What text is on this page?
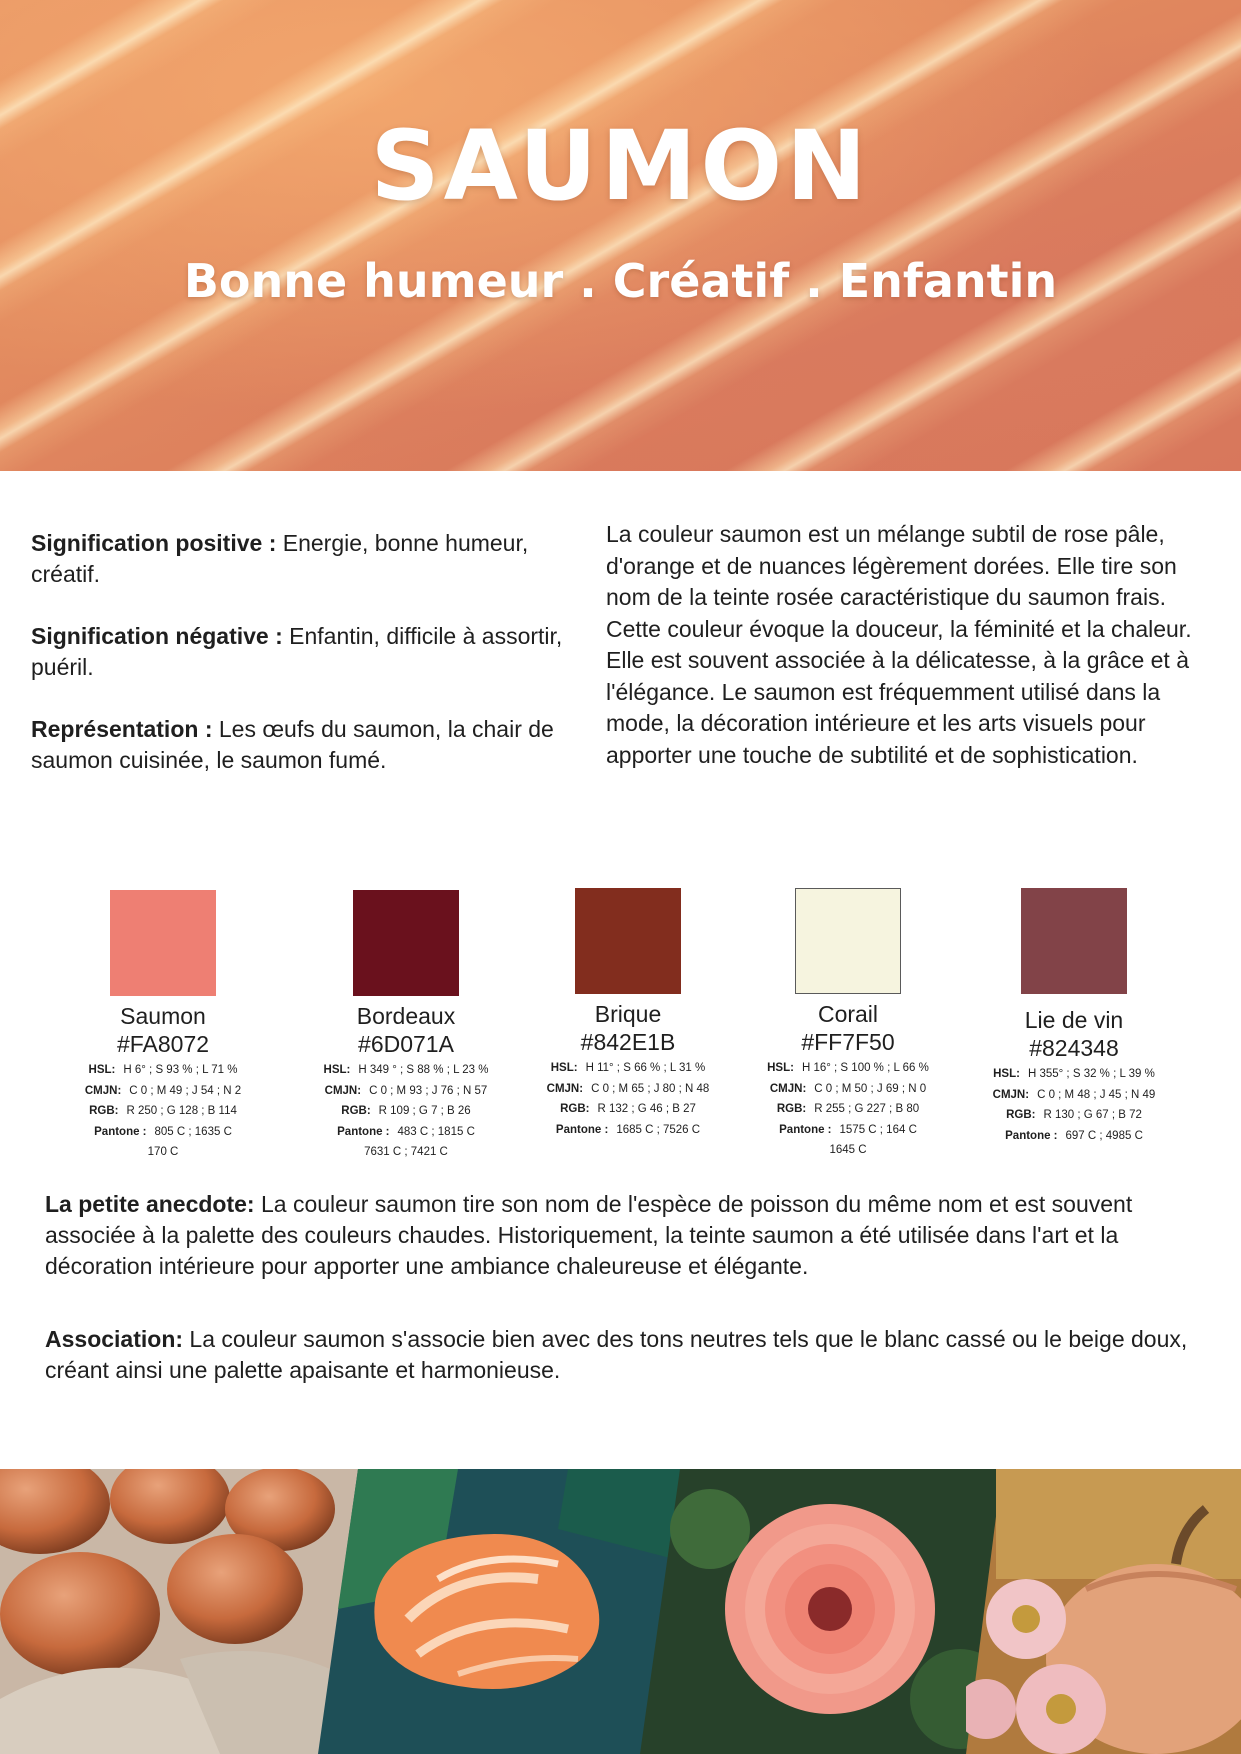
SAUMON
Bonne humeur . Créatif . Enfantin

Signification positive : Energie, bonne humeur, créatif.

Signification négative : Enfantin, difficile à assortir, puéril.

Représentation : Les œufs du saumon, la chair de saumon cuisinée, le saumon fumé.

La couleur saumon est un mélange subtil de rose pâle, d'orange et de nuances légèrement dorées. Elle tire son nom de la teinte rosée caractéristique du saumon frais. Cette couleur évoque la douceur, la féminité et la chaleur. Elle est souvent associée à la délicatesse, à la grâce et à l'élégance. Le saumon est fréquemment utilisé dans la mode, la décoration intérieure et les arts visuels pour apporter une touche de subtilité et de sophistication.

Saumon
#FA8072
HSL: H 6° ; S 93 % ; L 71 %
CMJN: C 0 ; M 49 ; J 54 ; N 2
RGB: R 250 ; G 128 ; B 114
Pantone : 805 C ; 1635 C 170 C
Bordeaux
#6D071A
HSL: H 349 ° ; S 88 % ; L 23 %
CMJN: C 0 ; M 93 ; J 76 ; N 57
RGB: R 109 ; G 7 ; B 26
Pantone : 483 C ; 1815 C 7631 C ; 7421 C
Brique
#842E1B
HSL: H 11° ; S 66 % ; L 31 %
CMJN: C 0 ; M 65 ; J 80 ; N 48
RGB: R 132 ; G 46 ; B 27
Pantone : 1685 C ; 7526 C
Corail
#FF7F50
HSL: H 16° ; S 100 % ; L 66 %
CMJN: C 0 ; M 50 ; J 69 ; N 0
RGB: R 255 ; G 227 ; B 80
Pantone : 1575 C ; 164 C 1645 C
Lie de vin
#824348
HSL: H 355° ; S 32 % ; L 39 %
CMJN: C 0 ; M 48 ; J 45 ; N 49
RGB: R 130 ; G 67 ; B 72
Pantone : 697 C ; 4985 C

La petite anecdote: La couleur saumon tire son nom de l'espèce de poisson du même nom et est souvent associée à la palette des couleurs chaudes. Historiquement, la teinte saumon a été utilisée dans l'art et la décoration intérieure pour apporter une ambiance chaleureuse et élégante.

Association: La couleur saumon s'associe bien avec des tons neutres tels que le blanc cassé ou le beige doux, créant ainsi une palette apaisante et harmonieuse.
